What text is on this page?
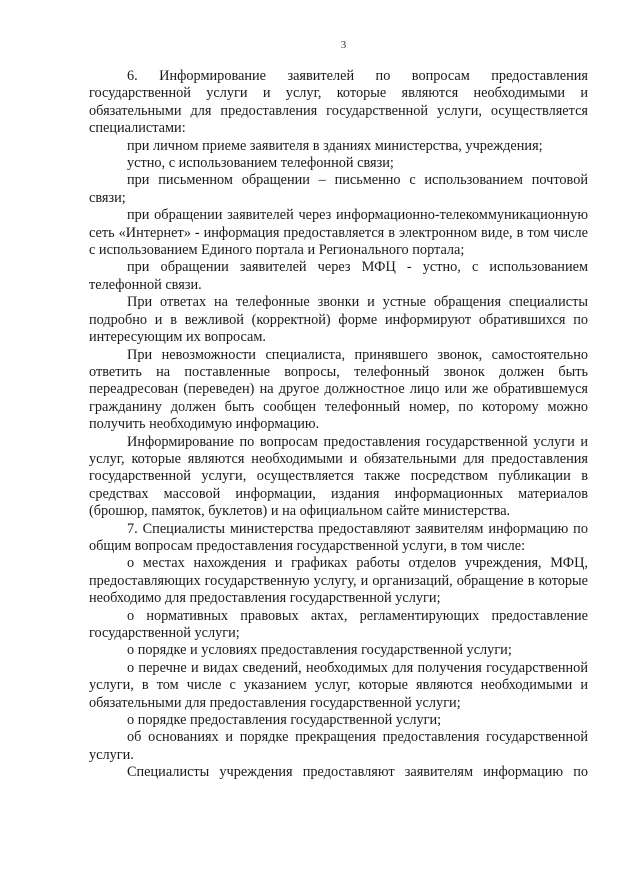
3

6. Информирование заявителей по вопросам предоставления государственной услуги и услуг, которые являются необходимыми и обязательными для предоставления государственной услуги, осуществляется специалистами:

при личном приеме заявителя в зданиях министерства, учреждения;

устно, с использованием телефонной связи;

при письменном обращении – письменно с использованием почтовой связи;

при обращении заявителей через информационно-телекоммуникационную сеть «Интернет» - информация предоставляется в электронном виде, в том числе с использованием Единого портала и Регионального портала;

при обращении заявителей через МФЦ - устно, с использованием телефонной связи.

При ответах на телефонные звонки и устные обращения специалисты подробно и в вежливой (корректной) форме информируют обратившихся по интересующим их вопросам.

При невозможности специалиста, принявшего звонок, самостоятельно ответить на поставленные вопросы, телефонный звонок должен быть переадресован (переведен) на другое должностное лицо или же обратившемуся гражданину должен быть сообщен телефонный номер, по которому можно получить необходимую информацию.

Информирование по вопросам предоставления государственной услуги и услуг, которые являются необходимыми и обязательными для предоставления государственной услуги, осуществляется также посредством публикации в средствах массовой информации, издания информационных материалов (брошюр, памяток, буклетов) и на официальном сайте министерства.

7. Специалисты министерства предоставляют заявителям информацию по общим вопросам предоставления государственной услуги, в том числе:

о местах нахождения и графиках работы отделов учреждения, МФЦ, предоставляющих государственную услугу, и организаций, обращение в которые необходимо для предоставления государственной услуги;

о нормативных правовых актах, регламентирующих предоставление государственной услуги;

о порядке и условиях предоставления государственной услуги;

о перечне и видах сведений, необходимых для получения государственной услуги, в том числе с указанием услуг, которые являются необходимыми и обязательными для предоставления государственной услуги;

о порядке предоставления государственной услуги;

об основаниях и порядке прекращения предоставления государственной услуги.

Специалисты учреждения предоставляют заявителям информацию по
